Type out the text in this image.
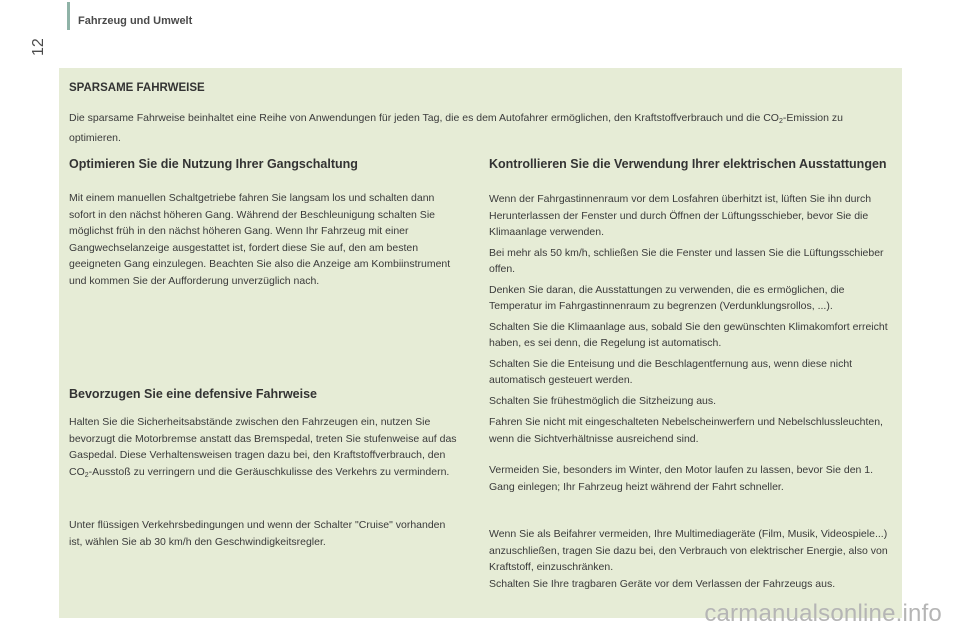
Fahrzeug und Umwelt
12
SPARSAME FAHRWEISE
Die sparsame Fahrweise beinhaltet eine Reihe von Anwendungen für jeden Tag, die es dem Autofahrer ermöglichen, den Kraftstoffverbrauch und die $CO_2$-Emission zu optimieren.
Optimieren Sie die Nutzung Ihrer Gangschaltung

Mit einem manuellen Schaltgetriebe fahren Sie langsam los und schalten dann sofort in den nächst höheren Gang. Während der Beschleunigung schalten Sie möglichst früh in den nächst höheren Gang. Wenn Ihr Fahrzeug mit einer Gangwechselanzeige ausgestattet ist, fordert diese Sie auf, den am besten geeigneten Gang einzulegen. Beachten Sie also die Anzeige am Kombiinstrument und kommen Sie der Aufforderung unverzüglich nach.

Bevorzugen Sie eine defensive Fahrweise

Halten Sie die Sicherheitsabstände zwischen den Fahrzeugen ein, nutzen Sie bevorzugt die Motorbremse anstatt das Bremspedal, treten Sie stufenweise auf das Gaspedal. Diese Verhaltensweisen tragen dazu bei, den Kraftstoffverbrauch, den $CO_2$-Ausstoß zu verringern und die Geräuschkulisse des Verkehrs zu vermindern.

Unter flüssigen Verkehrsbedingungen und wenn der Schalter "Cruise" vorhanden ist, wählen Sie ab 30 km/h den Geschwindigkeitsregler.

Kontrollieren Sie die Verwendung Ihrer elektrischen Ausstattungen

Wenn der Fahrgastinnenraum vor dem Losfahren überhitzt ist, lüften Sie ihn durch Herunterlassen der Fenster und durch Öffnen der Lüftungsschieber, bevor Sie die Klimaanlage verwenden.

Bei mehr als 50 km/h, schließen Sie die Fenster und lassen Sie die Lüftungsschieber offen.

Denken Sie daran, die Ausstattungen zu verwenden, die es ermöglichen, die Temperatur im Fahrgastinnenraum zu begrenzen (Verdunklungsrollos, ...).

Schalten Sie die Klimaanlage aus, sobald Sie den gewünschten Klimakomfort erreicht haben, es sei denn, die Regelung ist automatisch.

Schalten Sie die Enteisung und die Beschlagentfernung aus, wenn diese nicht automatisch gesteuert werden.

Schalten Sie frühestmöglich die Sitzheizung aus.

Fahren Sie nicht mit eingeschalteten Nebelscheinwerfern und Nebelschlussleuchten, wenn die Sichtverhältnisse ausreichend sind.

Vermeiden Sie, besonders im Winter, den Motor laufen zu lassen, bevor Sie den 1. Gang einlegen; Ihr Fahrzeug heizt während der Fahrt schneller.

Wenn Sie als Beifahrer vermeiden, Ihre Multimediageräte (Film, Musik, Videospiele...) anzuschließen, tragen Sie dazu bei, den Verbrauch von elektrischer Energie, also von Kraftstoff, einzuschränken.

Schalten Sie Ihre tragbaren Geräte vor dem Verlassen der Fahrzeugs aus.

carmanualsonline.info
